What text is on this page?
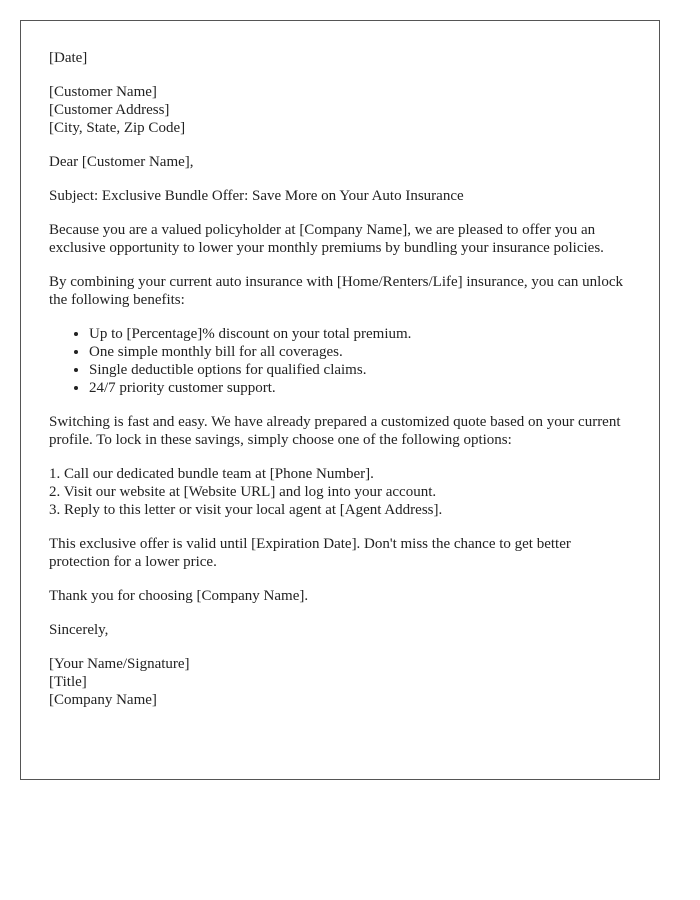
[Date]
[Customer Name]
[Customer Address]
[City, State, Zip Code]

Dear [Customer Name],

Subject: Exclusive Bundle Offer: Save More on Your Auto Insurance

Because you are a valued policyholder at [Company Name], we are pleased to offer you an exclusive opportunity to lower your monthly premiums by bundling your insurance policies.

By combining your current auto insurance with [Home/Renters/Life] insurance, you can unlock the following benefits:

• Up to [Percentage]% discount on your total premium.
• One simple monthly bill for all coverages.
• Single deductible options for qualified claims.
• 24/7 priority customer support.

Switching is fast and easy. We have already prepared a customized quote based on your current profile. To lock in these savings, simply choose one of the following options:

1. Call our dedicated bundle team at [Phone Number].
2. Visit our website at [Website URL] and log into your account.
3. Reply to this letter or visit your local agent at [Agent Address].

This exclusive offer is valid until [Expiration Date]. Don't miss the chance to get better protection for a lower price.

Thank you for choosing [Company Name].

Sincerely,

[Your Name/Signature]
[Title]
[Company Name]
